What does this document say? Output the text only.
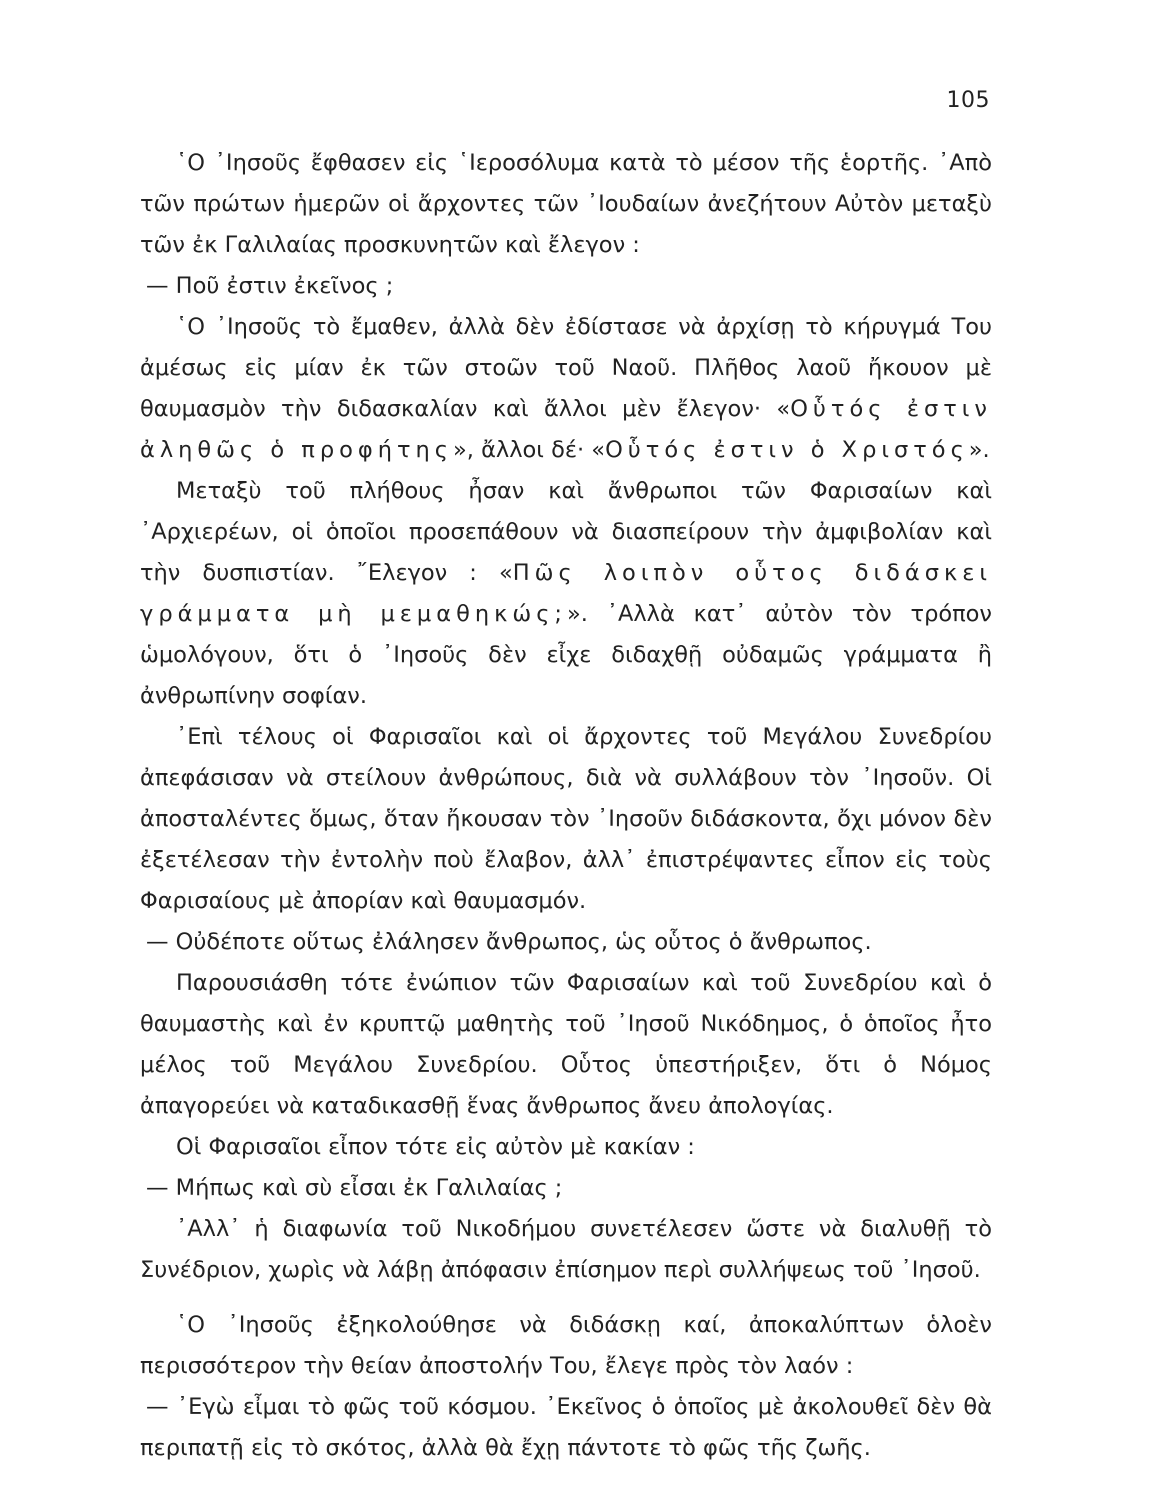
105

῾Ο ᾿Ιησοῦς ἔφθασεν εἰς ῾Ιεροσόλυμα κατὰ τὸ μέσον τῆς ἑορτῆς. ᾿Απὸ τῶν πρώτων ἡμερῶν οἱ ἄρχοντες τῶν ᾿Ιουδαίων ἀνεζήτουν Αὐτὸν μεταξὺ τῶν ἐκ Γαλιλαίας προσκυνητῶν καὶ ἔλεγον :

— Ποῦ ἐστιν ἐκεῖνος ;

῾Ο ᾿Ιησοῦς τὸ ἔμαθεν, ἀλλὰ δὲν ἐδίστασε νὰ ἀρχίσῃ τὸ κήρυγμά Του ἀμέσως εἰς μίαν ἐκ τῶν στοῶν τοῦ Ναοῦ. Πλῆθος λαοῦ ἤκουον μὲ θαυμασμὸν τὴν διδασκαλίαν καὶ ἄλλοι μὲν ἔλεγον· «Οὗτός ἐστιν ἀληθῶς ὁ προφήτης», ἄλλοι δέ· «Οὗτός ἐστιν ὁ Χριστός».

Μεταξὺ τοῦ πλήθους ἦσαν καὶ ἄνθρωποι τῶν Φαρισαίων καὶ ᾿Αρχιερέων, οἱ ὁποῖοι προσεπάθουν νὰ διασπείρουν τὴν ἀμφιβολίαν καὶ τὴν δυσπιστίαν. ῎Ελεγον : «Πῶς λοιπὸν οὗτος διδάσκει γράμματα μὴ μεμαθηκώς;». ᾿Αλλὰ κατ᾿ αὐτὸν τὸν τρόπον ὡμολόγουν, ὅτι ὁ ᾿Ιησοῦς δὲν εἶχε διδαχθῇ οὐδαμῶς γράμματα ἢ ἀνθρωπίνην σοφίαν.

᾿Επὶ τέλους οἱ Φαρισαῖοι καὶ οἱ ἄρχοντες τοῦ Μεγάλου Συνεδρίου ἀπεφάσισαν νὰ στείλουν ἀνθρώπους, διὰ νὰ συλλάβουν τὸν ᾿Ιησοῦν. Οἱ ἀποσταλέντες ὅμως, ὅταν ἤκουσαν τὸν ᾿Ιησοῦν διδάσκοντα, ὄχι μόνον δὲν ἐξετέλεσαν τὴν ἐντολὴν ποὺ ἔλαβον, ἀλλ᾿ ἐπιστρέψαντες εἶπον εἰς τοὺς Φαρισαίους μὲ ἀπορίαν καὶ θαυμασμόν.

— Οὐδέποτε οὕτως ἐλάλησεν ἄνθρωπος, ὡς οὗτος ὁ ἄνθρωπος.

Παρουσιάσθη τότε ἐνώπιον τῶν Φαρισαίων καὶ τοῦ Συνεδρίου καὶ ὁ θαυμαστὴς καὶ ἐν κρυπτῷ μαθητὴς τοῦ ᾿Ιησοῦ Νικόδημος, ὁ ὁποῖος ἦτο μέλος τοῦ Μεγάλου Συνεδρίου. Οὗτος ὑπεστήριξεν, ὅτι ὁ Νόμος ἀπαγορεύει νὰ καταδικασθῇ ἕνας ἄνθρωπος ἄνευ ἀπολογίας.

Οἱ Φαρισαῖοι εἶπον τότε εἰς αὐτὸν μὲ κακίαν :

— Μήπως καὶ σὺ εἶσαι ἐκ Γαλιλαίας ;

᾿Αλλ᾿ ἡ διαφωνία τοῦ Νικοδήμου συνετέλεσεν ὥστε νὰ διαλυθῇ τὸ Συνέδριον, χωρὶς νὰ λάβῃ ἀπόφασιν ἐπίσημον περὶ συλλήψεως τοῦ ᾿Ιησοῦ.

῾Ο ᾿Ιησοῦς ἐξηκολούθησε νὰ διδάσκῃ καί, ἀποκαλύπτων ὁλοὲν περισσότερον τὴν θείαν ἀποστολήν Του, ἔλεγε πρὸς τὸν λαόν :

— ᾿Εγὼ εἶμαι τὸ φῶς τοῦ κόσμου. ᾿Εκεῖνος ὁ ὁποῖος μὲ ἀκολουθεῖ δὲν θὰ περιπατῇ εἰς τὸ σκότος, ἀλλὰ θὰ ἔχῃ πάντοτε τὸ φῶς τῆς ζωῆς.
